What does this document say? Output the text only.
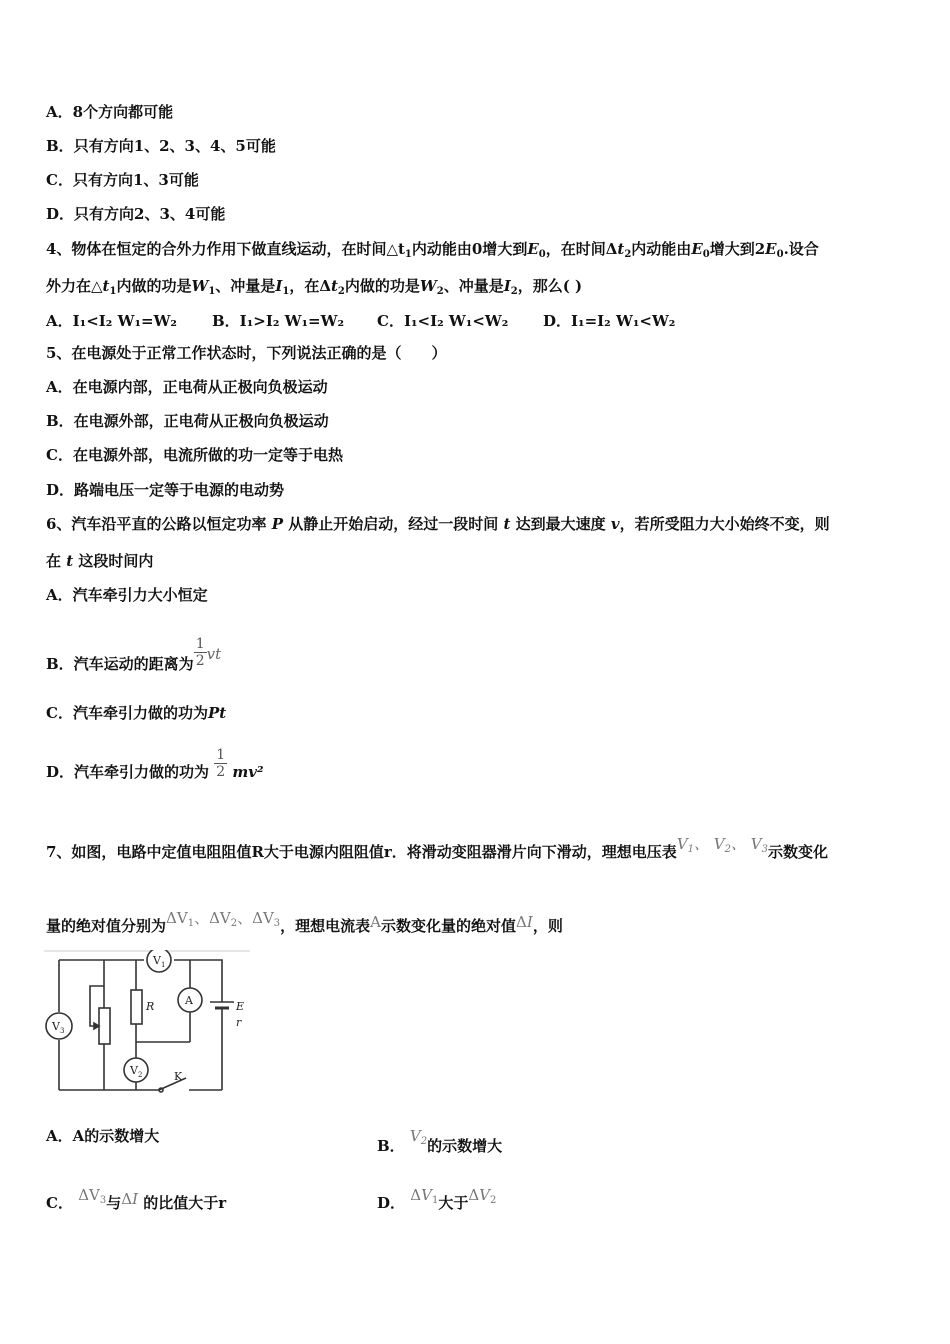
A．8个方向都可能
B．只有方向1、2、3、4、5可能
C．只有方向1、3可能
D．只有方向2、3、4可能
4、物体在恒定的合外力作用下做直线运动，在时间$\triangle t_1$内动能由0增大到$E_0$，在时间$\Delta t_2$内动能由$E_0$增大到$2E_0$.设合
外力在$\triangle t_1$内做的功是$W_1$、冲量是$I_1$，在$\Delta t_2$内做的功是$W_2$、冲量是$I_2$，那么( )
A．I₁<I₂ W₁=W₂ B．I₁>I₂ W₁=W₂ C．I₁<I₂ W₁<W₂ D．I₁=I₂ W₁<W₂
5、在电源处于正常工作状态时，下列说法正确的是（　　）
A．在电源内部，正电荷从正极向负极运动
B．在电源外部，正电荷从正极向负极运动
C．在电源外部，电流所做的功一定等于电热
D．路端电压一定等于电源的电动势
6、汽车沿平直的公路以恒定功率 P 从静止开始启动，经过一段时间 t 达到最大速度 v，若所受阻力大小始终不变，则
在 t 这段时间内
A．汽车牵引力大小恒定
B．汽车运动的距离为 $\frac{1}{2}$ vt
C．汽车牵引力做的功为Pt
D．汽车牵引力做的功为 $\frac{1}{2} mv^2$
7、如图，电路中定值电阻阻值R大于电源内阻阻值r．将滑动变阻器滑片向下滑动，理想电压表$V_1$、 $V_2$、 $V_3$示数变化
量的绝对值分别为$\Delta V_1$、$\Delta V_2$、$\Delta V_3$，理想电流表A示数变化量的绝对值ΔI，则
V 1
A
V 3
V 2
R	E
r
K
A．A的示数增大
B． $V_2$的示数增大
C． $\Delta V_3$与ΔI 的比值大于r	D． $\Delta V_1$大于$\Delta V_2$
